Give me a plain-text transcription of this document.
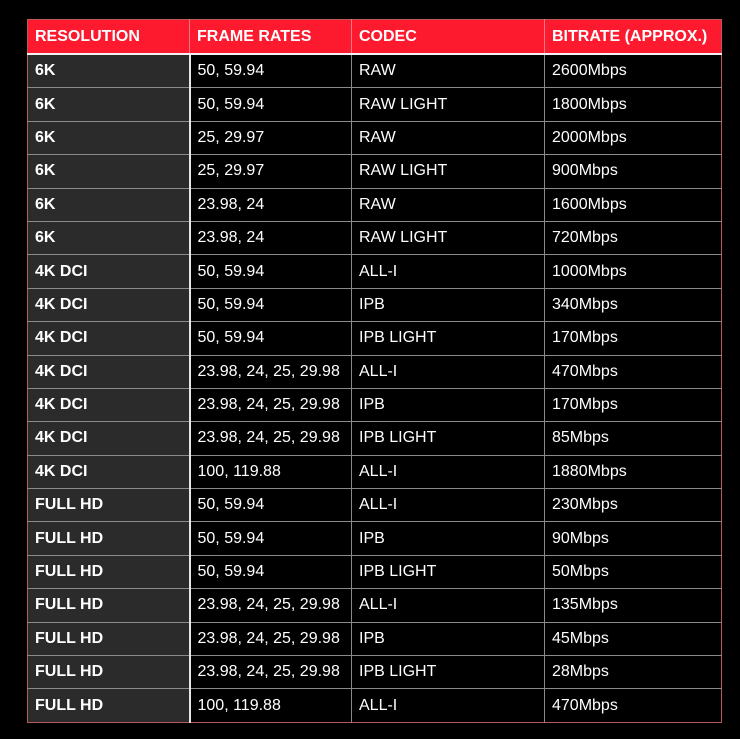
RESOLUTION	FRAME RATES	CODEC	BITRATE (APPROX.)
6K	50, 59.94	RAW	2600Mbps
6K	50, 59.94	RAW LIGHT	1800Mbps
6K	25, 29.97	RAW	2000Mbps
6K	25, 29.97	RAW LIGHT	900Mbps
6K	23.98, 24	RAW	1600Mbps
6K	23.98, 24	RAW LIGHT	720Mbps
4K DCI	50, 59.94	ALL-I	1000Mbps
4K DCI	50, 59.94	IPB	340Mbps
4K DCI	50, 59.94	IPB LIGHT	170Mbps
4K DCI	23.98, 24, 25, 29.98	ALL-I	470Mbps
4K DCI	23.98, 24, 25, 29.98	IPB	170Mbps
4K DCI	23.98, 24, 25, 29.98	IPB LIGHT	85Mbps
4K DCI	100, 119.88	ALL-I	1880Mbps
FULL HD	50, 59.94	ALL-I	230Mbps
FULL HD	50, 59.94	IPB	90Mbps
FULL HD	50, 59.94	IPB LIGHT	50Mbps
FULL HD	23.98, 24, 25, 29.98	ALL-I	135Mbps
FULL HD	23.98, 24, 25, 29.98	IPB	45Mbps
FULL HD	23.98, 24, 25, 29.98	IPB LIGHT	28Mbps
FULL HD	100, 119.88	ALL-I	470Mbps
